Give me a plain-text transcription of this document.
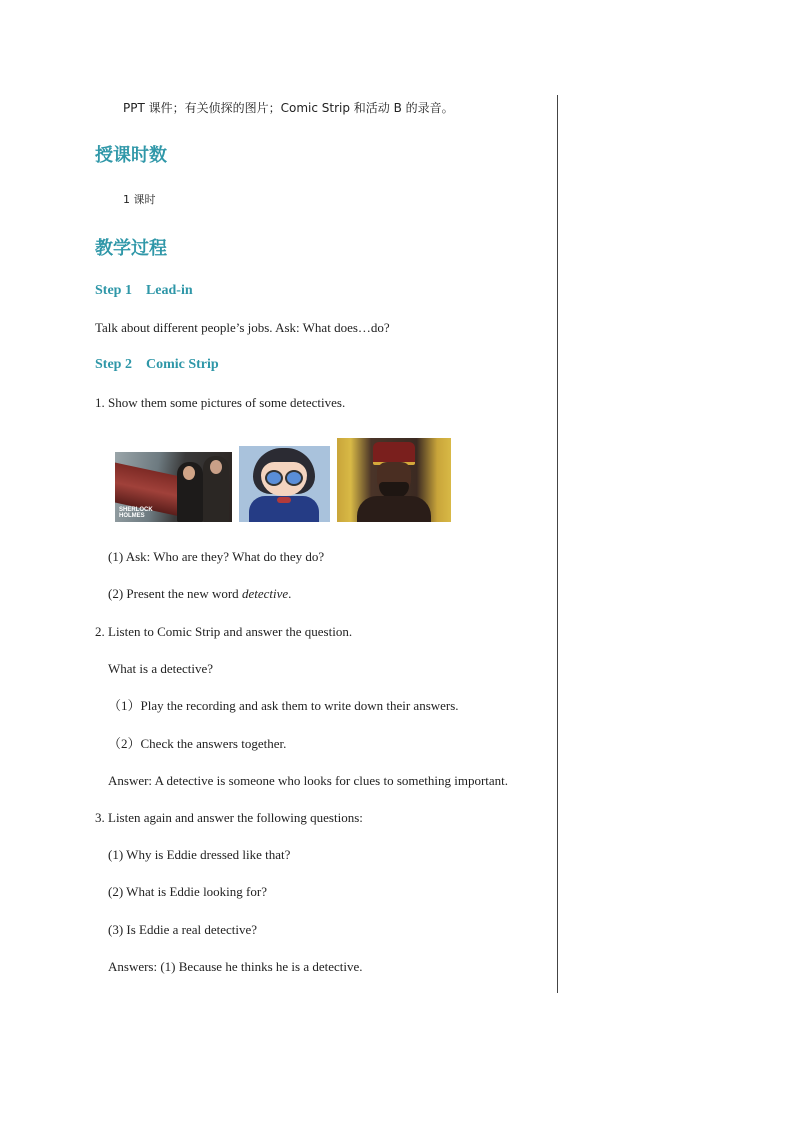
PPT 课件；有关侦探的图片；Comic Strip 和活动 B 的录音。
授课时数
1 课时
教学过程
Step 1 Lead-in
Talk about different people’s jobs. Ask: What does…do?
Step 2 Comic Strip
1. Show them some pictures of some detectives.
SHERLOCK
HOLMES
(1) Ask: Who are they? What do they do?
(2) Present the new word detective.
2. Listen to Comic Strip and answer the question.
What is a detective?
（1）Play the recording and ask them to write down their answers.
（2）Check the answers together.
Answer: A detective is someone who looks for clues to something important.
3. Listen again and answer the following questions:
(1) Why is Eddie dressed like that?
(2) What is Eddie looking for?
(3) Is Eddie a real detective?
Answers: (1) Because he thinks he is a detective.
